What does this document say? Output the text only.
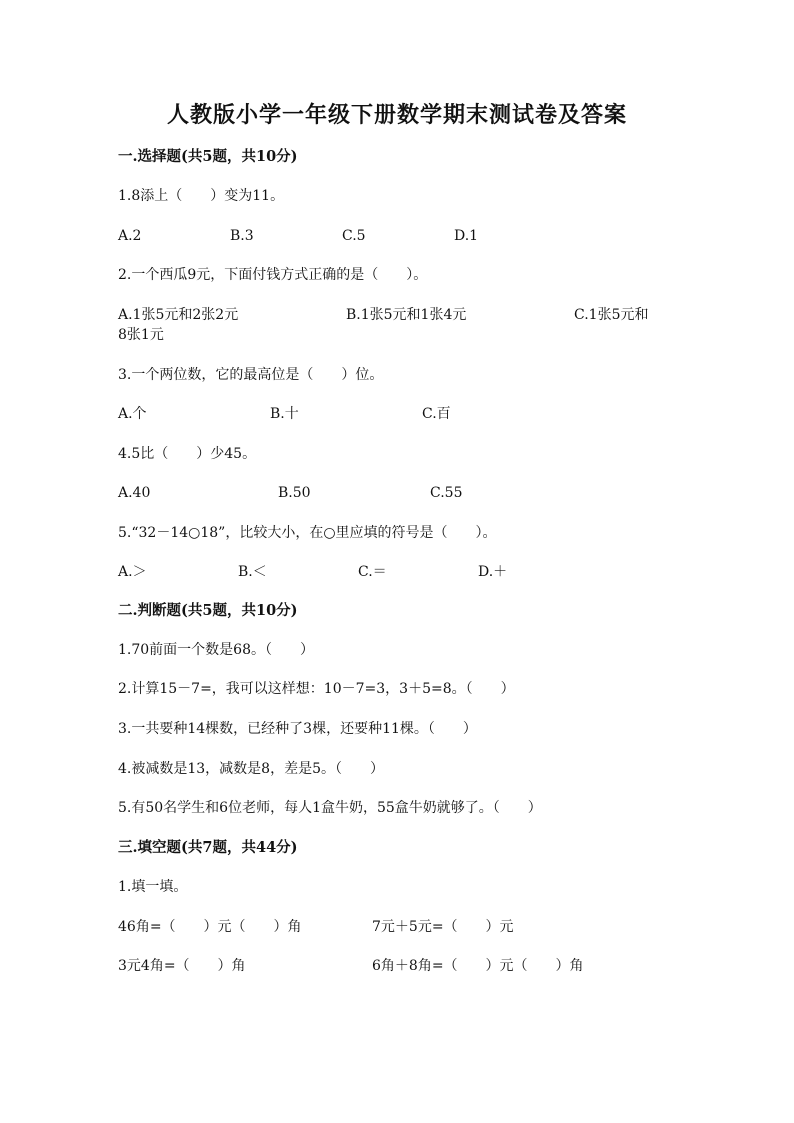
人教版小学一年级下册数学期末测试卷及答案
一.选择题(共5题，共10分)
1.8添上（　　）变为11。
A.2	B.3	C.5	D.1
2.一个西瓜9元，下面付钱方式正确的是（　　）。
A.1张5元和2张2元	B.1张5元和1张4元	C.1张5元和
8张1元
3.一个两位数，它的最高位是（　　）位。
A.个	B.十	C.百
4.5比（　　）少45。
A.40	B.50	C.55
5.“32－14○18”，比较大小，在○里应填的符号是（　　）。
A.＞	B.＜	C.＝	D.＋
二.判断题(共5题，共10分)
1.70前面一个数是68。（　　）
2.计算15－7=，我可以这样想：10－7=3，3＋5=8。（　　）
3.一共要种14棵数，已经种了3棵，还要种11棵。（　　）
4.被减数是13，减数是8，差是5。（　　）
5.有50名学生和6位老师，每人1盒牛奶，55盒牛奶就够了。（　　）
三.填空题(共7题，共44分)
1.填一填。
46角=（　　）元（　　）角	7元＋5元=（　　）元
3元4角=（　　）角	6角＋8角=（　　）元（　　）角
